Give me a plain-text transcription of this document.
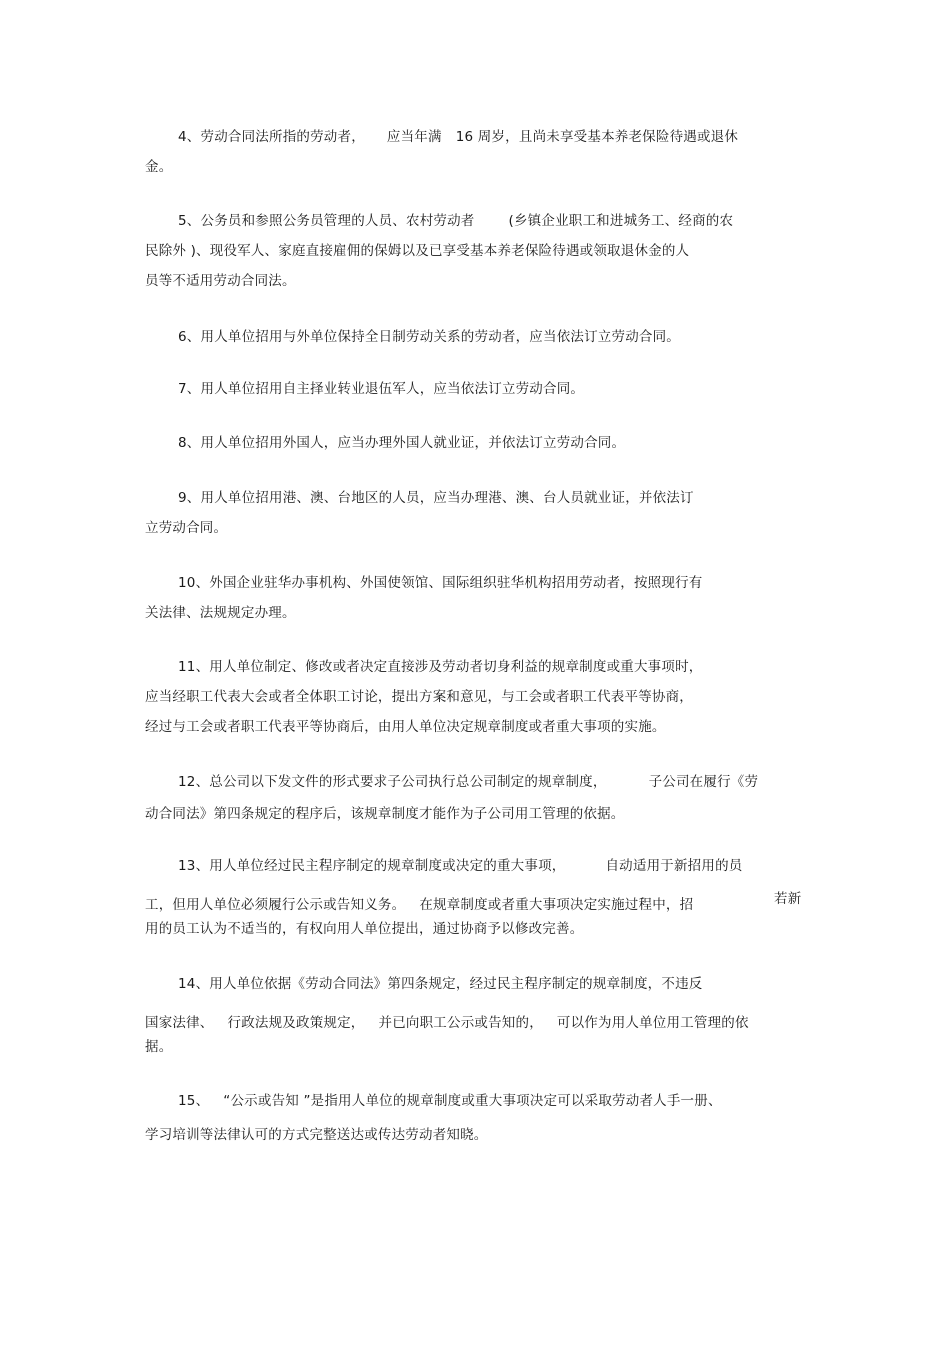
4、劳动合同法所指的劳动者， 应当年满 16 周岁，且尚未享受基本养老保险待遇或退休
金。
5、公务员和参照公务员管理的人员、农村劳动者	(乡镇企业职工和进城务工、经商的农
民除外 )、现役军人、家庭直接雇佣的保姆以及已享受基本养老保险待遇或领取退休金的人
员等不适用劳动合同法。
6、用人单位招用与外单位保持全日制劳动关系的劳动者，应当依法订立劳动合同。
7、用人单位招用自主择业转业退伍军人，应当依法订立劳动合同。
8、用人单位招用外国人，应当办理外国人就业证，并依法订立劳动合同。
9、用人单位招用港、澳、台地区的人员，应当办理港、澳、台人员就业证，并依法订
立劳动合同。
10、外国企业驻华办事机构、外国使领馆、国际组织驻华机构招用劳动者，按照现行有
关法律、法规规定办理。
11、用人单位制定、修改或者决定直接涉及劳动者切身利益的规章制度或重大事项时，
应当经职工代表大会或者全体职工讨论，提出方案和意见，与工会或者职工代表平等协商，
经过与工会或者职工代表平等协商后，由用人单位决定规章制度或者重大事项的实施。
12、总公司以下发文件的形式要求子公司执行总公司制定的规章制度，	子公司在履行《劳
动合同法》第四条规定的程序后，该规章制度才能作为子公司用工管理的依据。
13、用人单位经过民主程序制定的规章制度或决定的重大事项，	自动适用于新招用的员
工，但用人单位必须履行公示或告知义务。 在规章制度或者重大事项决定实施过程中，招	若新
用的员工认为不适当的，有权向用人单位提出，通过协商予以修改完善。
14、用人单位依据《劳动合同法》第四条规定，经过民主程序制定的规章制度，不违反
国家法律、 行政法规及政策规定， 并已向职工公示或告知的， 可以作为用人单位用工管理的依
据。
15、 “公示或告知 ”是指用人单位的规章制度或重大事项决定可以采取劳动者人手一册、
学习培训等法律认可的方式完整送达或传达劳动者知晓。
